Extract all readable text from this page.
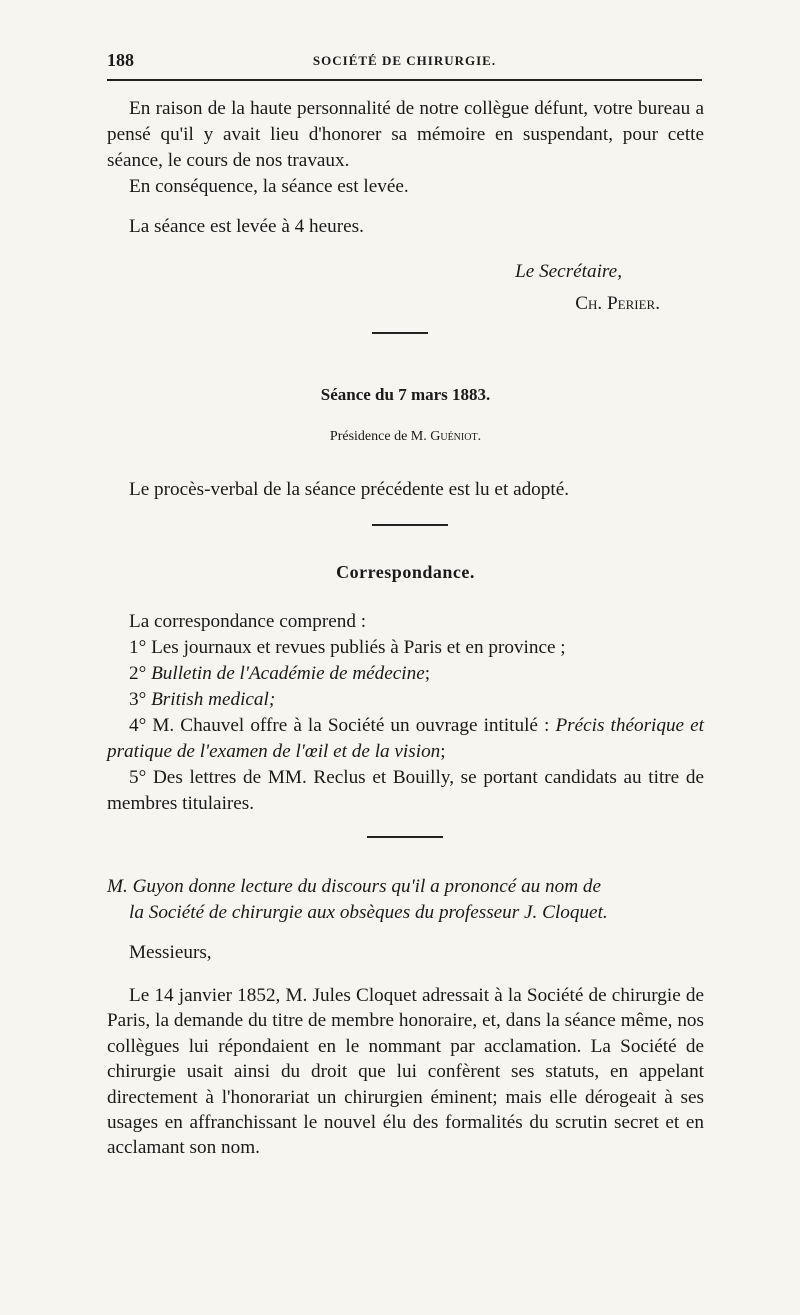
188	SOCIÉTÉ DE CHIRURGIE.

En raison de la haute personnalité de notre collègue défunt, votre bureau a pensé qu'il y avait lieu d'honorer sa mémoire en suspendant, pour cette séance, le cours de nos travaux.

En conséquence, la séance est levée.

La séance est levée à 4 heures.

Le Secrétaire,
Ch. Perier.
Séance du 7 mars 1883.
Présidence de M. Guéniot.

Le procès-verbal de la séance précédente est lu et adopté.

Correspondance.

La correspondance comprend :

1° Les journaux et revues publiés à Paris et en province ;

2° Bulletin de l'Académie de médecine;

3° British medical;

4° M. Chauvel offre à la Société un ouvrage intitulé : Précis théorique et pratique de l'examen de l'œil et de la vision;

5° Des lettres de MM. Reclus et Bouilly, se portant candidats au titre de membres titulaires.

M. Guyon donne lecture du discours qu'il a prononcé au nom de

la Société de chirurgie aux obsèques du professeur J. Cloquet.

Messieurs,

Le 14 janvier 1852, M. Jules Cloquet adressait à la Société de chirurgie de Paris, la demande du titre de membre honoraire, et, dans la séance même, nos collègues lui répondaient en le nommant par acclamation. La Société de chirurgie usait ainsi du droit que lui confèrent ses statuts, en appelant directement à l'honorariat un chirurgien éminent; mais elle dérogeait à ses usages en affranchissant le nouvel élu des formalités du scrutin secret et en acclamant son nom.
